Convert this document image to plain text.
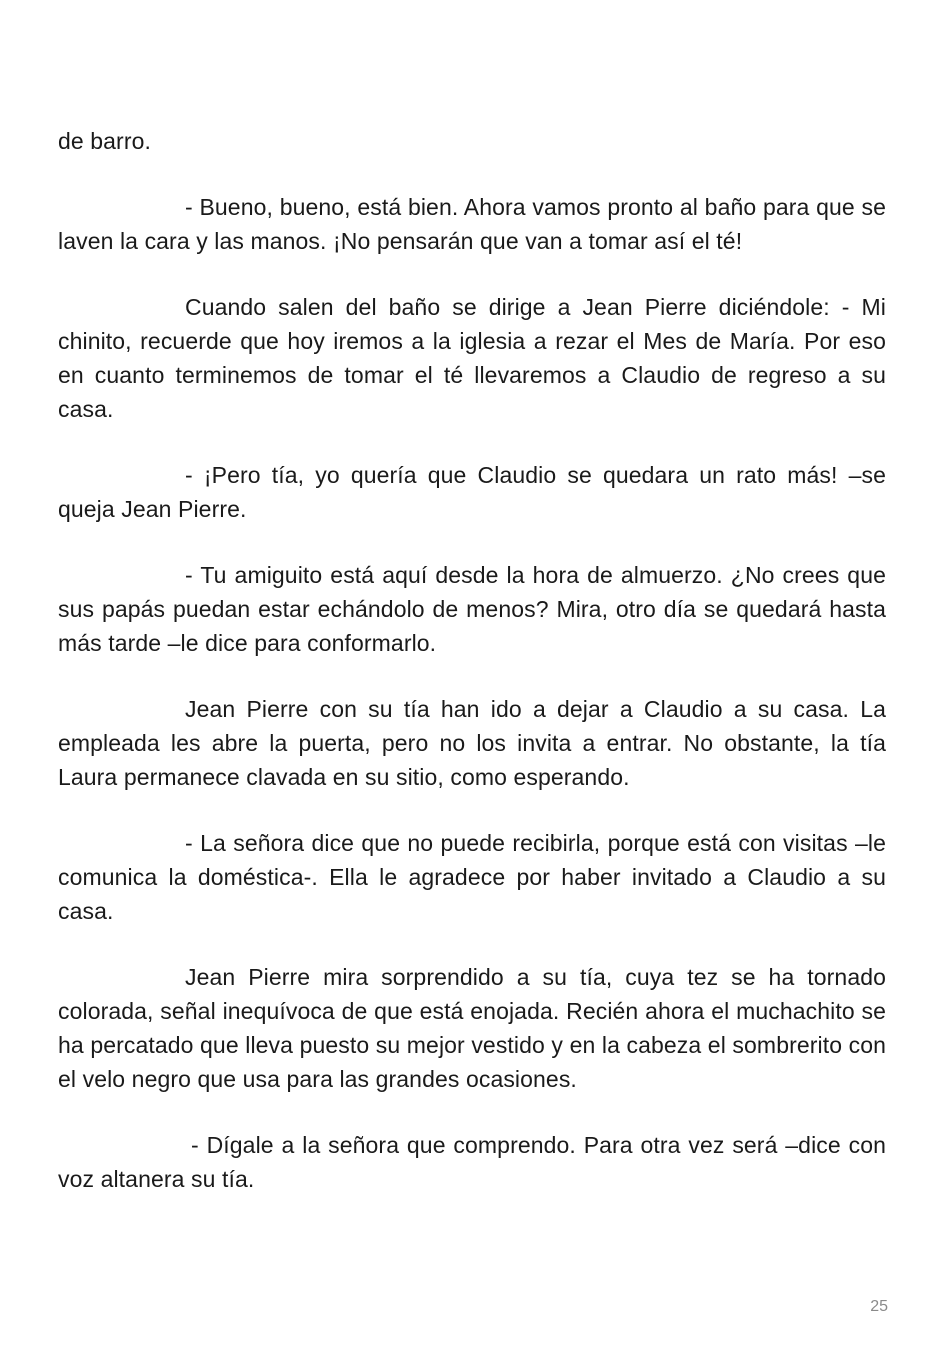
de barro.

- Bueno, bueno, está bien. Ahora vamos pronto al baño para que se laven la cara y las manos. ¡No pensarán que van a tomar así el té!

Cuando salen del baño se dirige a Jean Pierre diciéndole: - Mi chinito, recuerde que hoy iremos a la iglesia a rezar el Mes de María. Por eso en cuanto terminemos de tomar el té llevaremos a Claudio de regreso a su casa.

- ¡Pero tía, yo quería que Claudio se quedara un rato más! –se queja Jean Pierre.

- Tu amiguito está aquí desde la hora de almuerzo. ¿No crees que sus papás puedan estar echándolo de menos? Mira, otro día se quedará hasta más tarde –le dice para conformarlo.

Jean Pierre con su tía han ido a dejar a Claudio a su casa. La empleada les abre la puerta, pero no los invita a entrar. No obstante, la tía Laura permanece clavada en su sitio, como esperando.

- La señora dice que no puede recibirla, porque está con visitas –le comunica la doméstica-. Ella le agradece por haber invitado a Claudio a su casa.

Jean Pierre mira sorprendido a su tía, cuya tez se ha tornado colorada, señal inequívoca de que está enojada. Recién ahora el muchachito se ha percatado que lleva puesto su mejor vestido y en la cabeza el sombrerito con el velo negro que usa para las grandes ocasiones.

- Dígale a la señora que comprendo. Para otra vez será –dice con voz altanera su tía.

25
